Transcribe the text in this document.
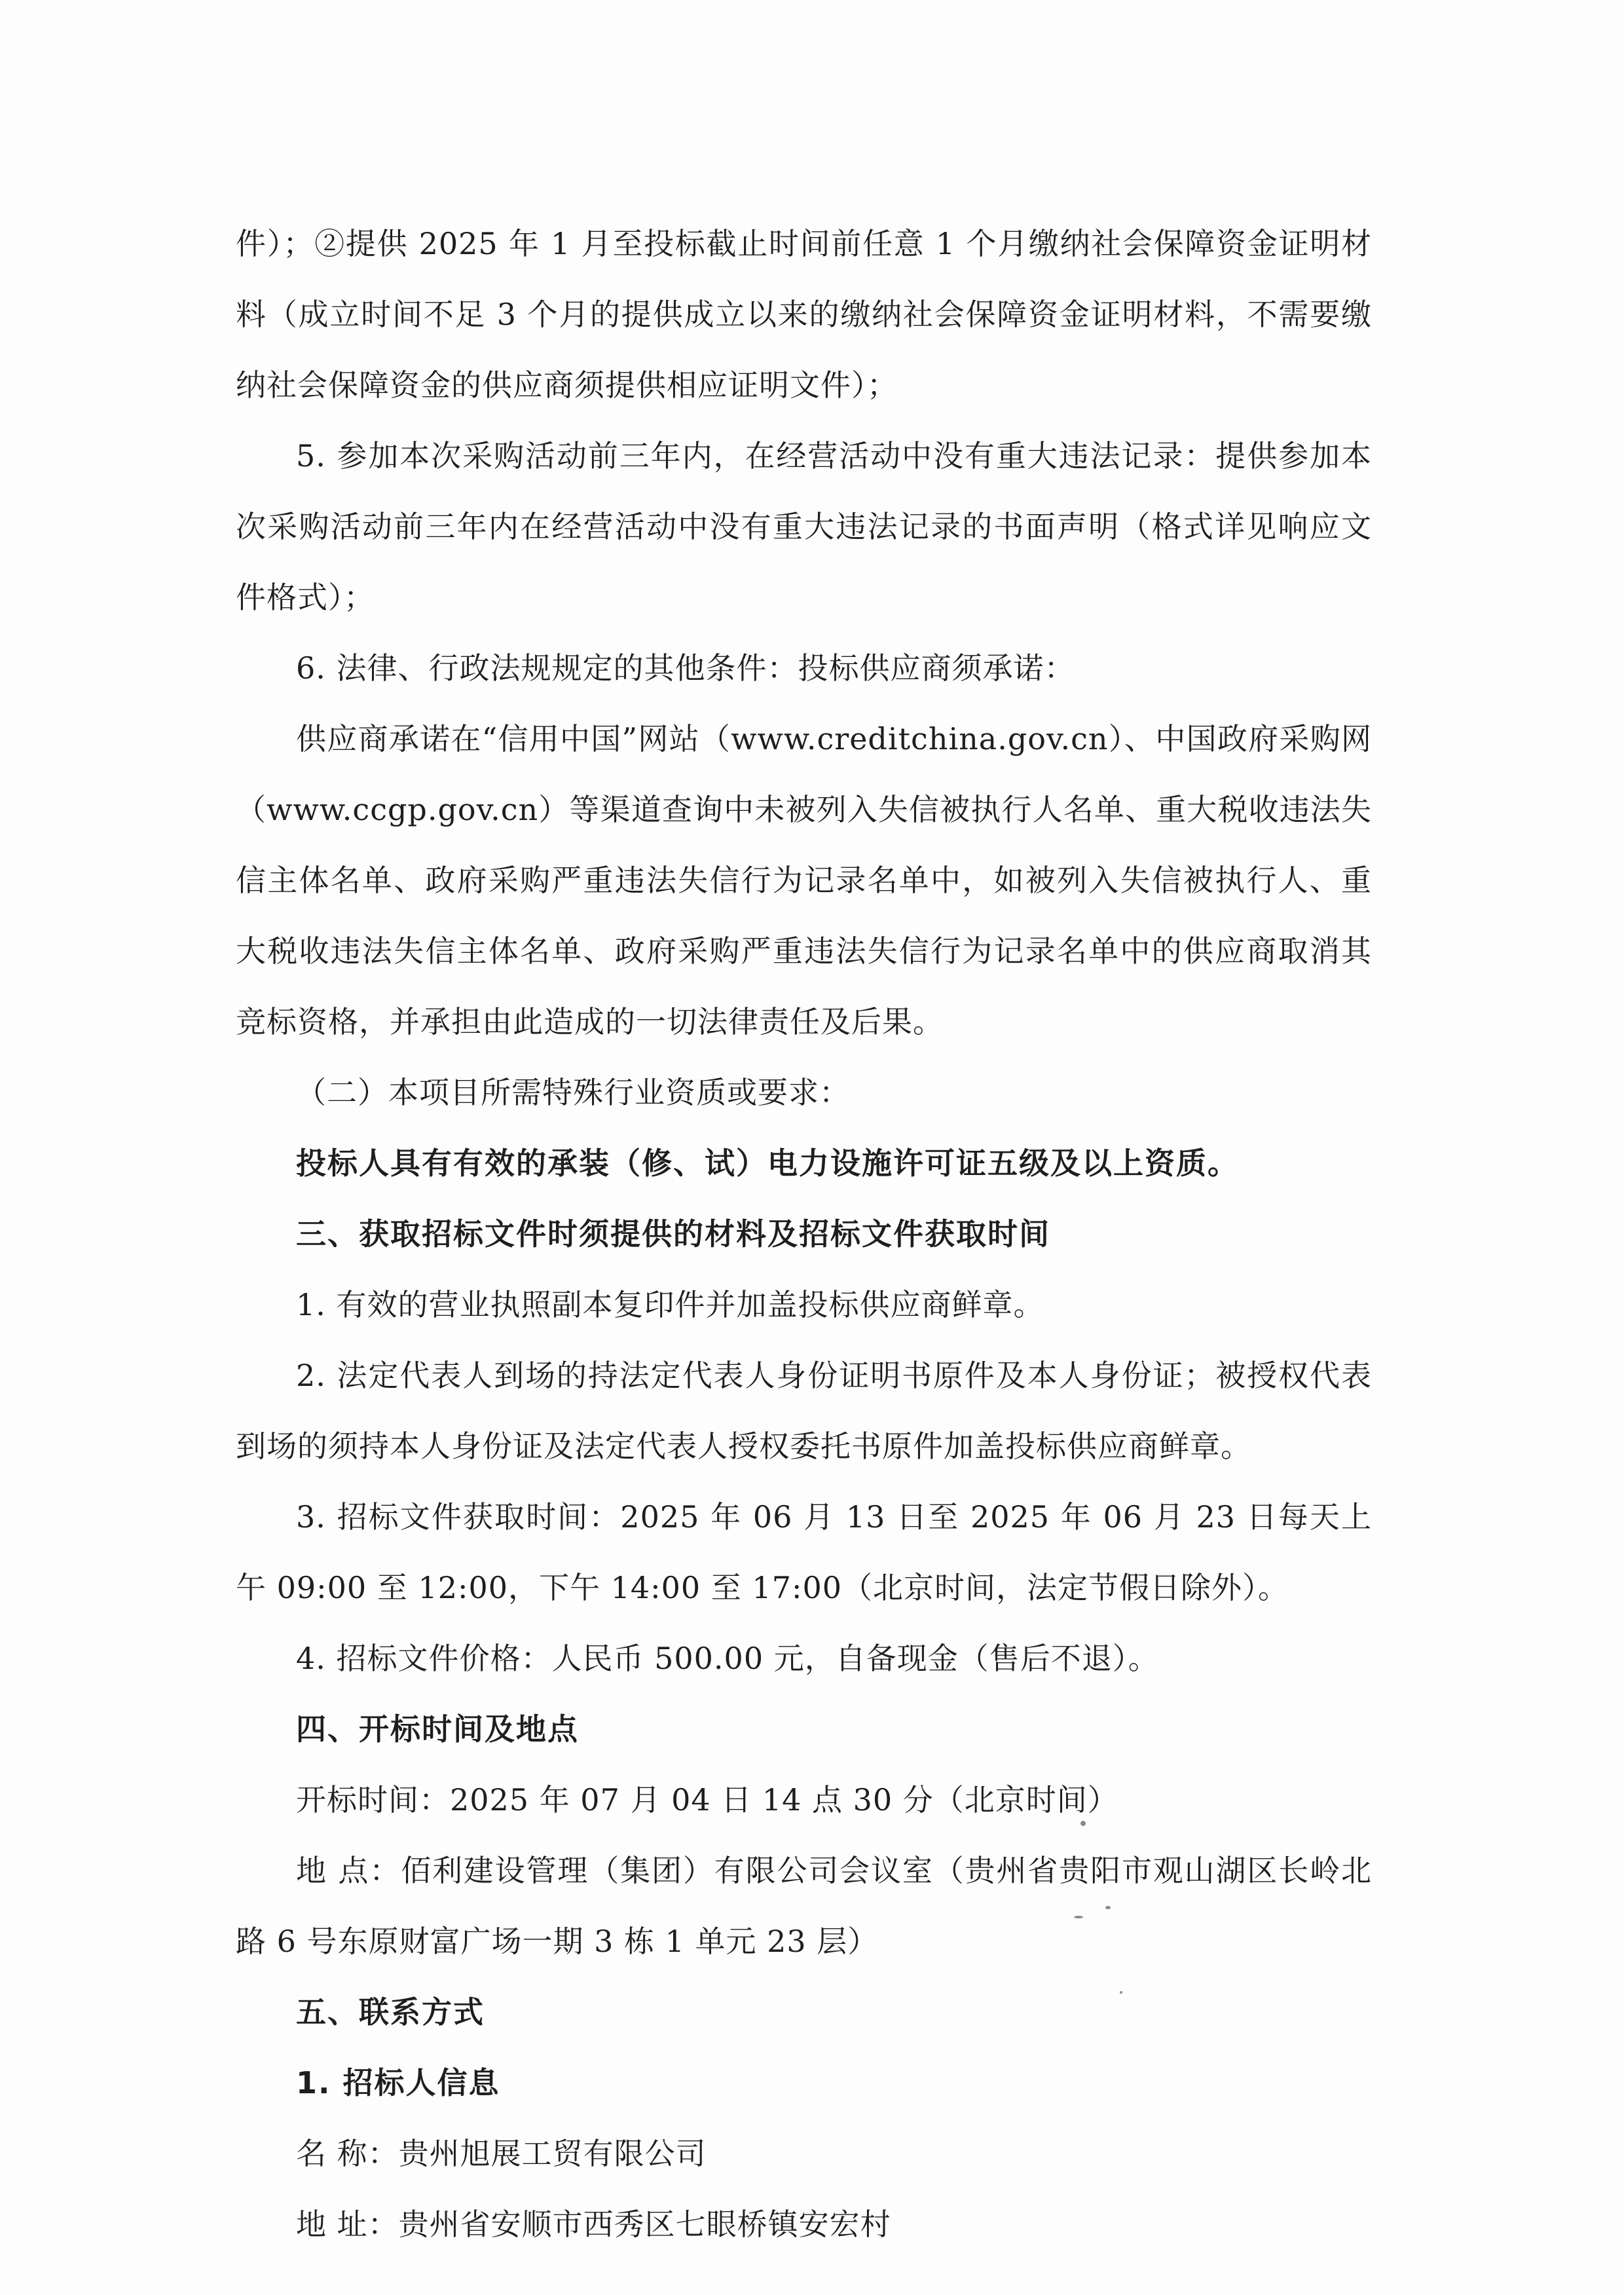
件）；②提供 2025 年 1 月至投标截止时间前任意 1 个月缴纳社会保障资金证明材料（成立时间不足 3 个月的提供成立以来的缴纳社会保障资金证明材料，不需要缴纳社会保障资金的供应商须提供相应证明文件）；

5. 参加本次采购活动前三年内，在经营活动中没有重大违法记录：提供参加本次采购活动前三年内在经营活动中没有重大违法记录的书面声明（格式详见响应文件格式）；

6. 法律、行政法规规定的其他条件：投标供应商须承诺：

供应商承诺在“信用中国”网站（www.creditchina.gov.cn）、中国政府采购网（www.ccgp.gov.cn）等渠道查询中未被列入失信被执行人名单、重大税收违法失信主体名单、政府采购严重违法失信行为记录名单中，如被列入失信被执行人、重大税收违法失信主体名单、政府采购严重违法失信行为记录名单中的供应商取消其竞标资格，并承担由此造成的一切法律责任及后果。

（二）本项目所需特殊行业资质或要求：

投标人具有有效的承装（修、试）电力设施许可证五级及以上资质。

三、获取招标文件时须提供的材料及招标文件获取时间

1. 有效的营业执照副本复印件并加盖投标供应商鲜章。

2. 法定代表人到场的持法定代表人身份证明书原件及本人身份证；被授权代表到场的须持本人身份证及法定代表人授权委托书原件加盖投标供应商鲜章。

3. 招标文件获取时间：2025 年 06 月 13 日至 2025 年 06 月 23 日每天上午 09:00 至 12:00，下午 14:00 至 17:00（北京时间，法定节假日除外）。

4. 招标文件价格：人民币 500.00 元，自备现金（售后不退）。

四、开标时间及地点

开标时间：2025 年 07 月 04 日 14 点 30 分（北京时间）

地 点：佰利建设管理（集团）有限公司会议室（贵州省贵阳市观山湖区长岭北路 6 号东原财富广场一期 3 栋 1 单元 23 层）

五、联系方式

1. 招标人信息

名 称：贵州旭展工贸有限公司

地 址：贵州省安顺市西秀区七眼桥镇安宏村
